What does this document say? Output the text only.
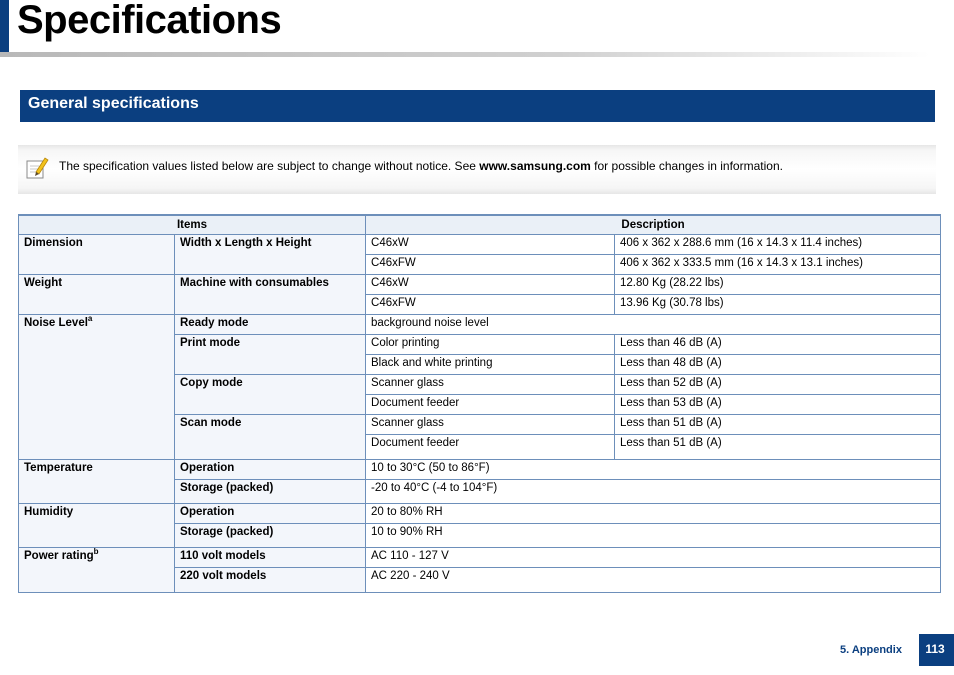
Specifications
General specifications
The specification values listed below are subject to change without notice. See www.samsung.com for possible changes in information.
Items		Description	
Dimension	Width x Length x Height	C46xW	406 x 362 x 288.6 mm (16 x 14.3 x 11.4 inches)
		C46xFW	406 x 362 x 333.5 mm (16 x 14.3 x 13.1 inches)
Weight	Machine with consumables	C46xW	12.80 Kg (28.22 lbs)
		C46xFW	13.96 Kg (30.78 lbs)
Noise Level$^a$	Ready mode	background noise level	
	Print mode	Color printing	Less than 46 dB (A)
		Black and white printing	Less than 48 dB (A)
	Copy mode	Scanner glass	Less than 52 dB (A)
		Document feeder	Less than 53 dB (A)
	Scan mode	Scanner glass	Less than 51 dB (A)
		Document feeder	Less than 51 dB (A)
Temperature	Operation	10 to 30°C (50 to 86°F)	
	Storage (packed)	-20 to 40°C (-4 to 104°F)	
Humidity	Operation	20 to 80% RH	
	Storage (packed)	10 to 90% RH	
Power rating$^b$	110 volt models	AC 110 - 127 V	
	220 volt models	AC 220 - 240 V	
5. Appendix	113
